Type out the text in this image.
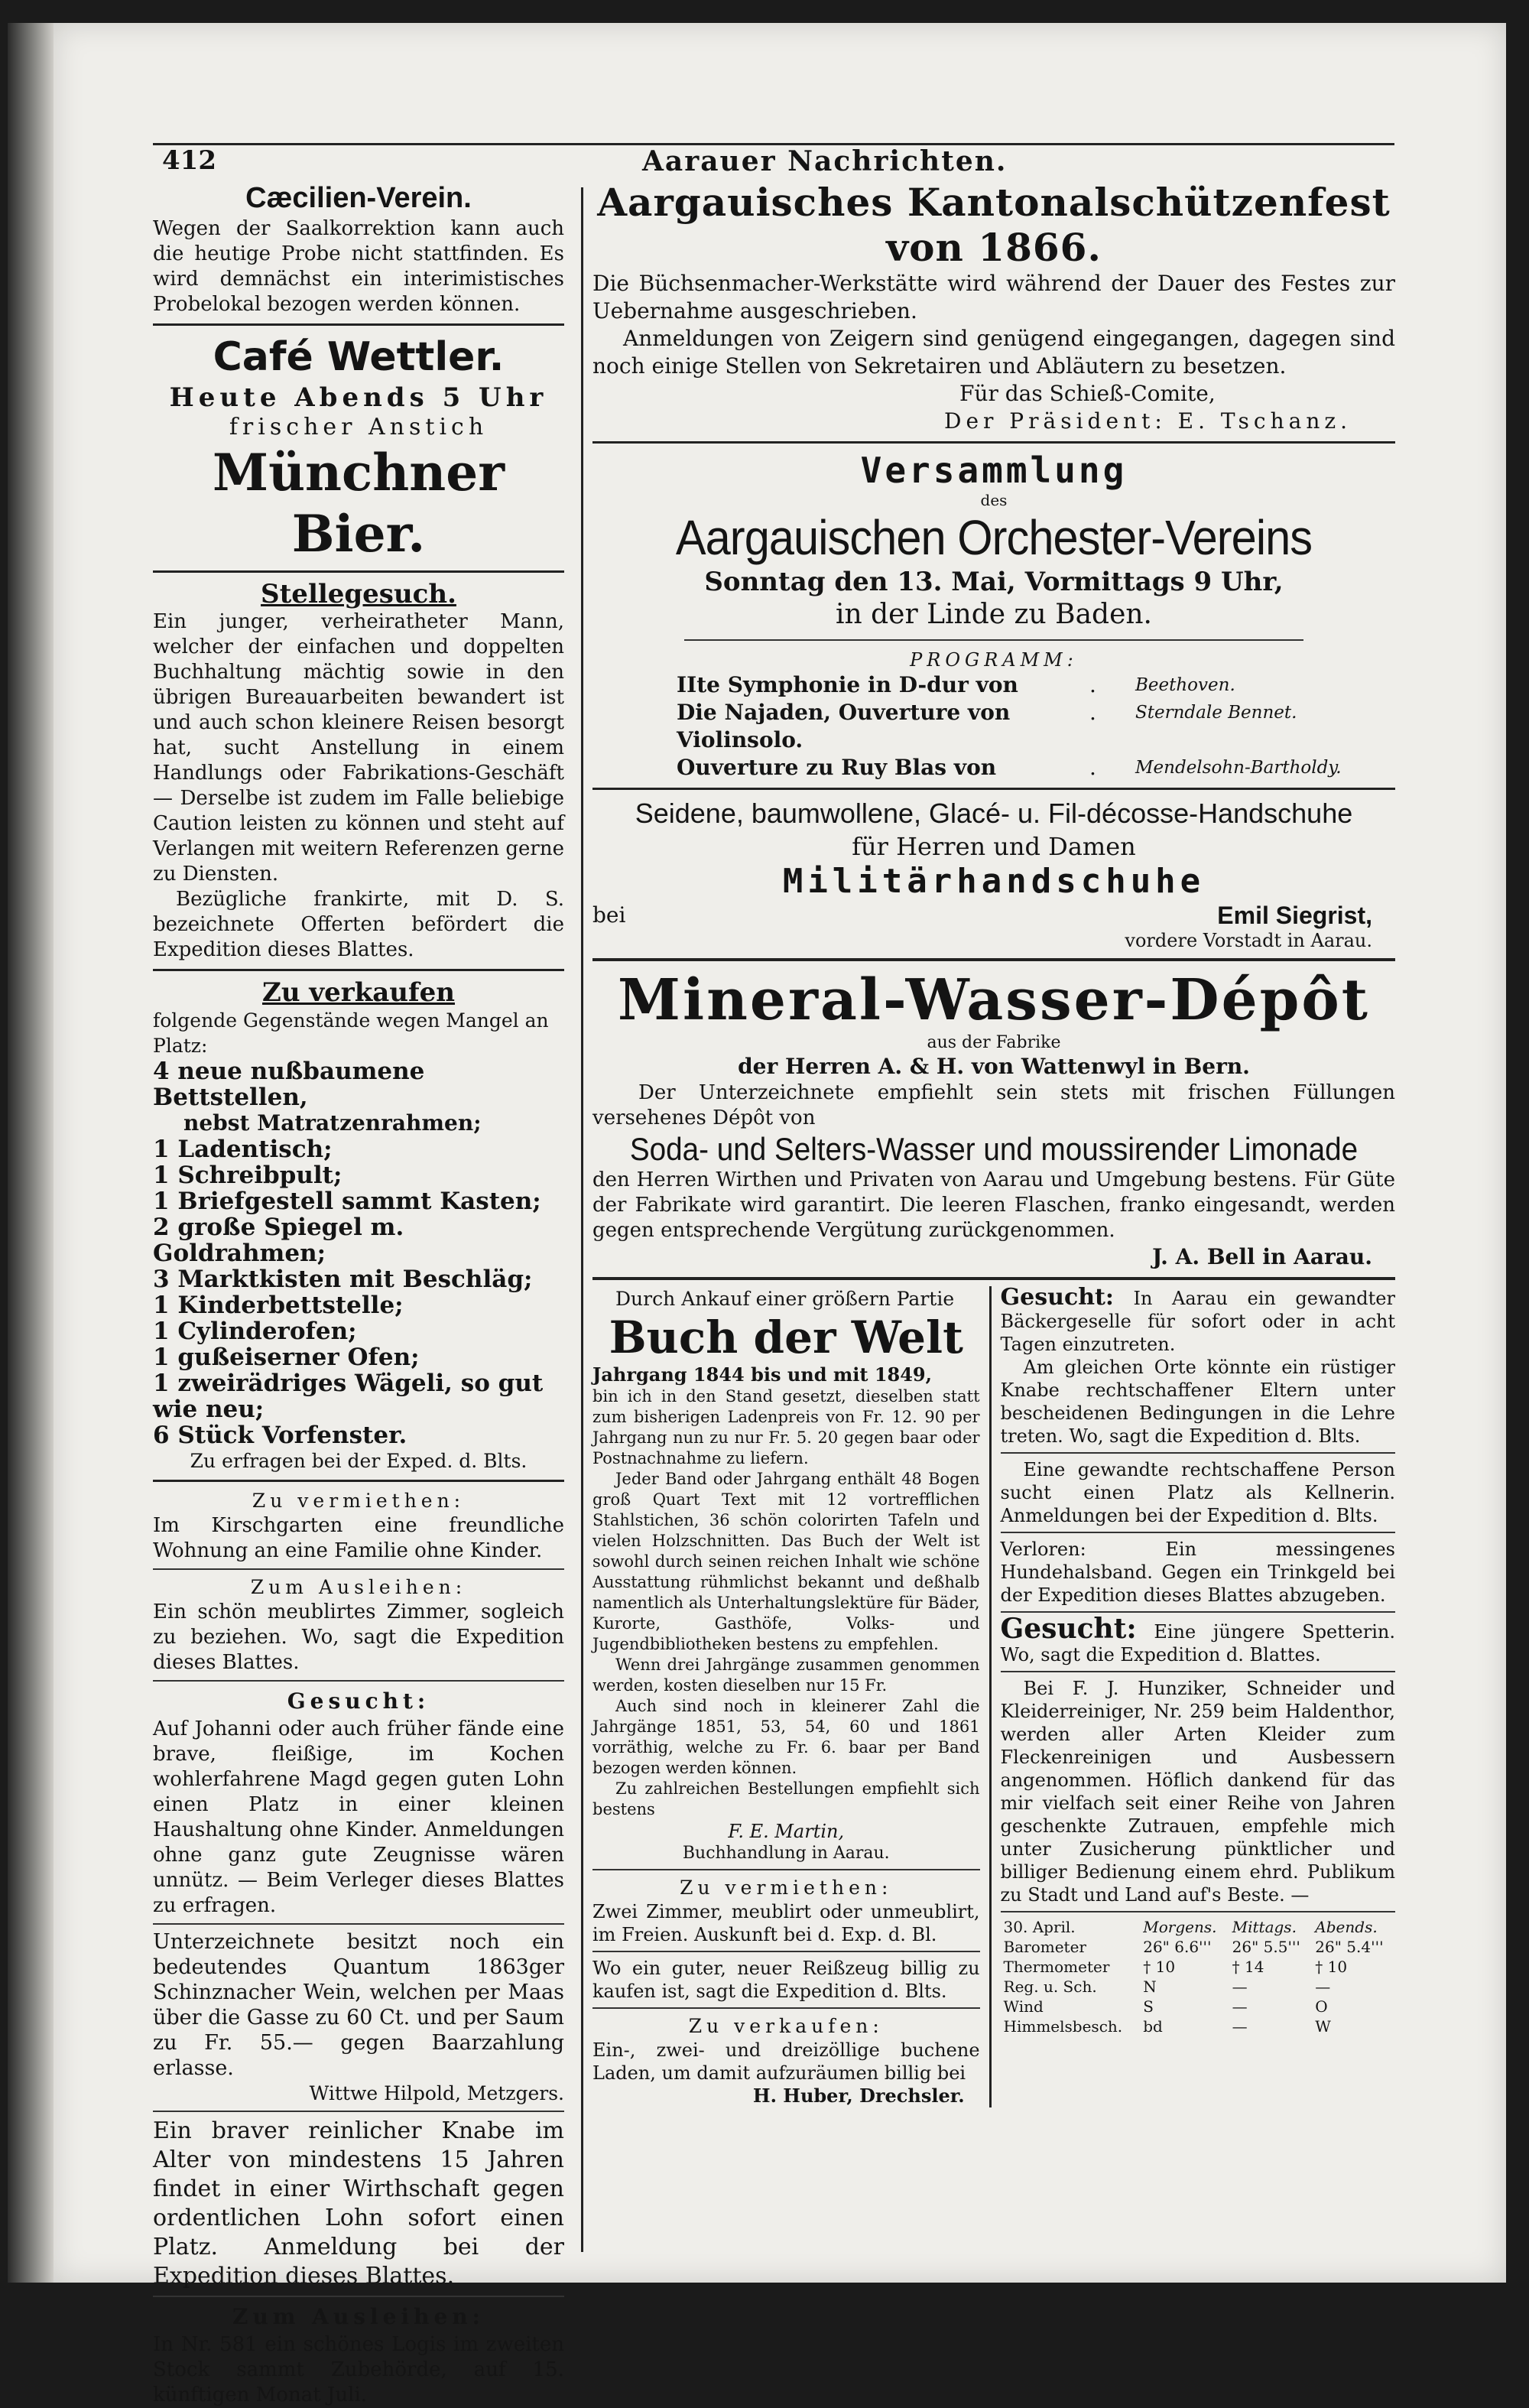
412	Aarauer Nachrichten.
Cæcilien-Verein.
Wegen der Saalkorrektion kann auch die heutige Probe nicht stattfinden. Es wird demnächst ein interimistisches Probelokal bezogen werden können.
Café Wettler.
Heute Abends 5 Uhr
frischer Anstich
Münchner Bier.
Stellegesuch.
Ein junger, verheiratheter Mann, welcher der einfachen und doppelten Buchhaltung mächtig sowie in den übrigen Bureauarbeiten bewandert ist und auch schon kleinere Reisen besorgt hat, sucht Anstellung in einem Handlungs oder Fabrikations-Geschäft — Derselbe ist zudem im Falle beliebige Caution leisten zu können und steht auf Verlangen mit weitern Referenzen gerne zu Diensten.
Bezügliche frankirte, mit D. S. bezeichnete Offerten befördert die Expedition dieses Blattes.
Zu verkaufen
folgende Gegenstände wegen Mangel an Platz:
4 neue nußbaumene Bettstellen,
nebst Matratzenrahmen;
1 Ladentisch;
1 Schreibpult;
1 Briefgestell sammt Kasten;
2 große Spiegel m. Goldrahmen;
3 Marktkisten mit Beschläg;
1 Kinderbettstelle;
1 Cylinderofen;
1 gußeiserner Ofen;
1 zweirädriges Wägeli, so gut wie neu;
6 Stück Vorfenster.
Zu erfragen bei der Exped. d. Blts.
Zu vermiethen:
Im Kirschgarten eine freundliche Wohnung an eine Familie ohne Kinder.
Zum Ausleihen:
Ein schön meublirtes Zimmer, sogleich zu beziehen. Wo, sagt die Expedition dieses Blattes.
Gesucht:
Auf Johanni oder auch früher fände eine brave, fleißige, im Kochen wohlerfahrene Magd gegen guten Lohn einen Platz in einer kleinen Haushaltung ohne Kinder. Anmeldungen ohne ganz gute Zeugnisse wären unnütz. — Beim Verleger dieses Blattes zu erfragen.
Unterzeichnete besitzt noch ein bedeutendes Quantum 1863ger Schinznacher Wein, welchen per Maas über die Gasse zu 60 Ct. und per Saum zu Fr. 55.— gegen Baarzahlung erlasse.
Wittwe Hilpold, Metzgers.
Ein braver reinlicher Knabe im Alter von mindestens 15 Jahren findet in einer Wirthschaft gegen ordentlichen Lohn sofort einen Platz. Anmeldung bei der Expedition dieses Blattes.
Zum Ausleihen:
In Nr. 581 ein schönes Logis im zweiten Stock sammt Zubehörde, auf 15. künftigen Monat Juli.
Aargauisches Kantonalschützenfest von 1866.
Die Büchsenmacher-Werkstätte wird während der Dauer des Festes zur Uebernahme ausgeschrieben.
Anmeldungen von Zeigern sind genügend eingegangen, dagegen sind noch einige Stellen von Sekretairen und Abläutern zu besetzen.
Für das Schieß-Comite,
Der Präsident: E. Tschanz.
Versammlung
des
Aargauischen Orchester-Vereins
Sonntag den 13. Mai, Vormittags 9 Uhr,
in der Linde zu Baden.
PROGRAMM:
IIte Symphonie in D-dur von	.	Beethoven.
Die Najaden, Ouverture von	.	Sterndale Bennet.
Violinsolo.
Ouverture zu Ruy Blas von	.	Mendelsohn-Bartholdy.
Seidene, baumwollene, Glacé- u. Fil-décosse-Handschuhe
für Herren und Damen
Militärhandschuhe
bei	Emil Siegrist,
vordere Vorstadt in Aarau.
Mineral-Wasser-Dépôt
aus der Fabrike
der Herren A. & H. von Wattenwyl in Bern.
Der Unterzeichnete empfiehlt sein stets mit frischen Füllungen versehenes Dépôt von
Soda- und Selters-Wasser und moussirender Limonade
den Herren Wirthen und Privaten von Aarau und Umgebung bestens. Für Güte der Fabrikate wird garantirt. Die leeren Flaschen, franko eingesandt, werden gegen entsprechende Vergütung zurückgenommen.
J. A. Bell in Aarau.
Durch Ankauf einer größern Partie
Buch der Welt
Jahrgang 1844 bis und mit 1849,
bin ich in den Stand gesetzt, dieselben statt zum bisherigen Ladenpreis von Fr. 12. 90 per Jahrgang nun zu nur Fr. 5. 20 gegen baar oder Postnachnahme zu liefern.
Jeder Band oder Jahrgang enthält 48 Bogen groß Quart Text mit 12 vortrefflichen Stahlstichen, 36 schön colorirten Tafeln und vielen Holzschnitten. Das Buch der Welt ist sowohl durch seinen reichen Inhalt wie schöne Ausstattung rühmlichst bekannt und deßhalb namentlich als Unterhaltungslektüre für Bäder, Kurorte, Gasthöfe, Volks- und Jugendbibliotheken bestens zu empfehlen.
Wenn drei Jahrgänge zusammen genommen werden, kosten dieselben nur 15 Fr.
Auch sind noch in kleinerer Zahl die Jahrgänge 1851, 53, 54, 60 und 1861 vorräthig, welche zu Fr. 6. baar per Band bezogen werden können.
Zu zahlreichen Bestellungen empfiehlt sich bestens
F. E. Martin,
Buchhandlung in Aarau.
Zu vermiethen:
Zwei Zimmer, meublirt oder unmeublirt, im Freien. Auskunft bei d. Exp. d. Bl.
Wo ein guter, neuer Reißzeug billig zu kaufen ist, sagt die Expedition d. Blts.
Zu verkaufen:
Ein-, zwei- und dreizöllige buchene Laden, um damit aufzuräumen billig bei
H. Huber, Drechsler.
Gesucht: In Aarau ein gewandter Bäckergeselle für sofort oder in acht Tagen einzutreten.
Am gleichen Orte könnte ein rüstiger Knabe rechtschaffener Eltern unter bescheidenen Bedingungen in die Lehre treten. Wo, sagt die Expedition d. Blts.
Eine gewandte rechtschaffene Person sucht einen Platz als Kellnerin. Anmeldungen bei der Expedition d. Blts.
Verloren: Ein messingenes Hundehalsband. Gegen ein Trinkgeld bei der Expedition dieses Blattes abzugeben.
Gesucht: Eine jüngere Spetterin. Wo, sagt die Expedition d. Blattes.
Bei F. J. Hunziker, Schneider und Kleiderreiniger, Nr. 259 beim Haldenthor, werden aller Arten Kleider zum Fleckenreinigen und Ausbessern angenommen. Höflich dankend für das mir vielfach seit einer Reihe von Jahren geschenkte Zutrauen, empfehle mich unter Zusicherung pünktlicher und billiger Bedienung einem ehrd. Publikum zu Stadt und Land auf's Beste. —
30. April.	Morgens.	Mittags.	Abends.
Barometer	26" 6.6'''	26" 5.5'''	26" 5.4'''
Thermometer	† 10	† 14	† 10
Reg. u. Sch.	N	—	—
Wind	S	—	O
Himmelsbesch.	bd	—	W
